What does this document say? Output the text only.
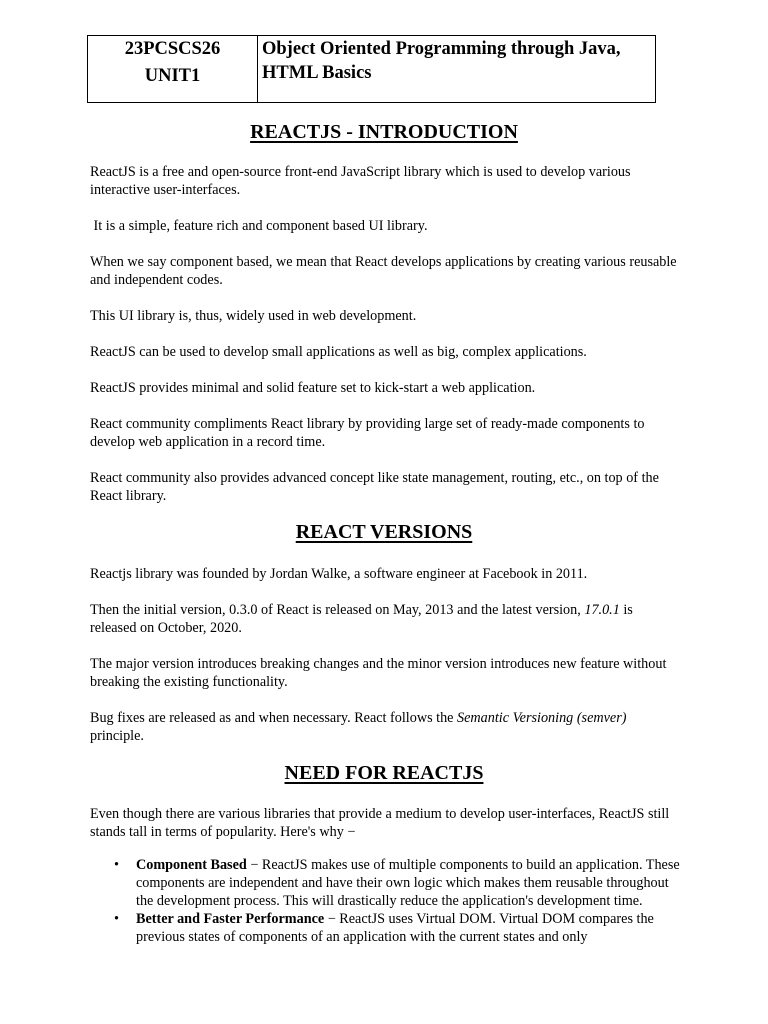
23PCSCS26
UNIT1
Object Oriented Programming through Java,
HTML Basics
REACTJS - INTRODUCTION

ReactJS is a free and open-source front-end JavaScript library which is used to develop various interactive user-interfaces.

It is a simple, feature rich and component based UI library.

When we say component based, we mean that React develops applications by creating various reusable and independent codes.

This UI library is, thus, widely used in web development.

ReactJS can be used to develop small applications as well as big, complex applications.

ReactJS provides minimal and solid feature set to kick-start a web application.

React community compliments React library by providing large set of ready-made components to develop web application in a record time.

React community also provides advanced concept like state management, routing, etc., on top of the React library.

REACT VERSIONS

Reactjs library was founded by Jordan Walke, a software engineer at Facebook in 2011.

Then the initial version, 0.3.0 of React is released on May, 2013 and the latest version, 17.0.1 is released on October, 2020.

The major version introduces breaking changes and the minor version introduces new feature without breaking the existing functionality.

Bug fixes are released as and when necessary. React follows the Semantic Versioning (semver) principle.

NEED FOR REACTJS

Even though there are various libraries that provide a medium to develop user-interfaces, ReactJS still stands tall in terms of popularity. Here's why −

• Component Based − ReactJS makes use of multiple components to build an application. These components are independent and have their own logic which makes them reusable throughout the development process. This will drastically reduce the application's development time.
• Better and Faster Performance − ReactJS uses Virtual DOM. Virtual DOM compares the previous states of components of an application with the current states and only
